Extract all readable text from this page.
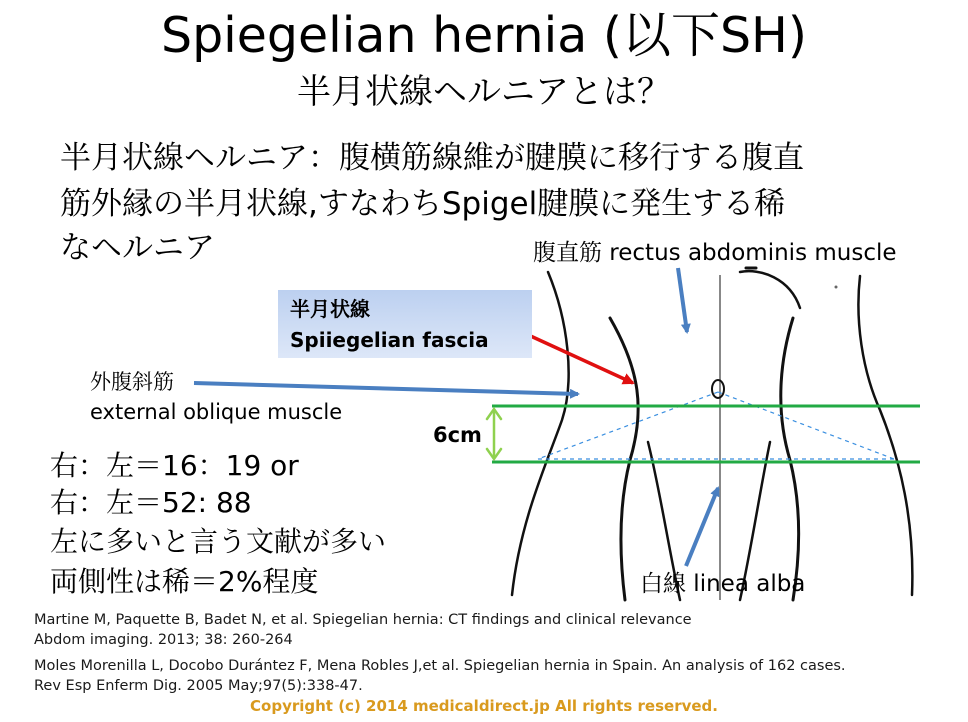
Spiegelian hernia (以下SH)
半月状線ヘルニアとは？
半月状線ヘルニア：腹横筋線維が腱膜に移行する腹直
筋外縁の半月状線,すなわちSpigel腱膜に発生する稀
なヘルニア	腹直筋 rectus abdominis muscle
半月状線
Spiiegelian fascia
外腹斜筋
external oblique muscle
6cm
右：左＝16：19 or
右：左＝52: 88
左に多いと言う文献が多い
両側性は稀＝2%程度	白線 linea alba
Martine M, Paquette B, Badet N, et al. Spiegelian hernia: CT findings and clinical relevance
Abdom imaging. 2013; 38: 260-264
Moles Morenilla L, Docobo Durántez F, Mena Robles J,et al. Spiegelian hernia in Spain. An analysis of 162 cases.
Rev Esp Enferm Dig. 2005 May;97(5):338-47.
Copyright (c) 2014 medicaldirect.jp All rights reserved.
